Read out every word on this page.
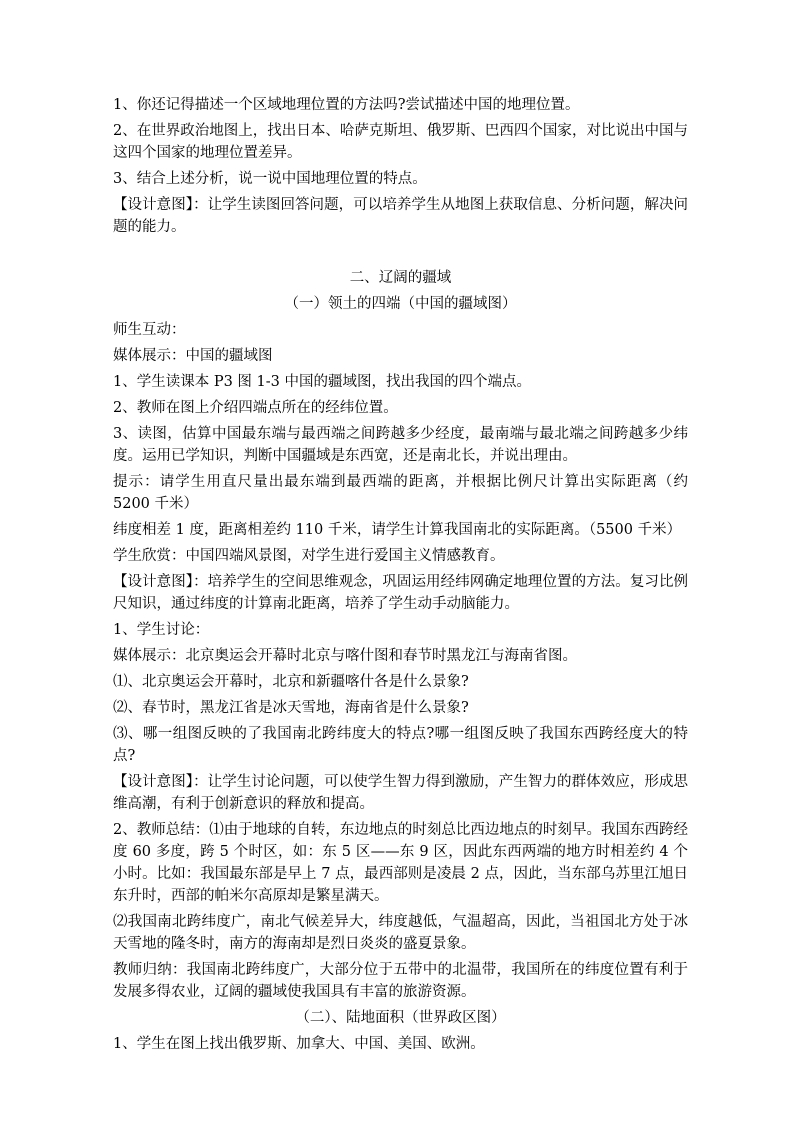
1、你还记得描述一个区域地理位置的方法吗?尝试描述中国的地理位置。

2、在世界政治地图上，找出日本、哈萨克斯坦、俄罗斯、巴西四个国家，对比说出中国与这四个国家的地理位置差异。

3、结合上述分析，说一说中国地理位置的特点。

【设计意图】：让学生读图回答问题，可以培养学生从地图上获取信息、分析问题，解决问题的能力。

二、辽阔的疆域

（一）领土的四端（中国的疆域图）

师生互动：

媒体展示：中国的疆域图

1、学生读课本 P3 图 1-3 中国的疆域图，找出我国的四个端点。

2、教师在图上介绍四端点所在的经纬位置。

3、读图，估算中国最东端与最西端之间跨越多少经度，最南端与最北端之间跨越多少纬度。运用已学知识，判断中国疆域是东西宽，还是南北长，并说出理由。

提示：请学生用直尺量出最东端到最西端的距离，并根据比例尺计算出实际距离（约 5200 千米）

纬度相差 1 度，距离相差约 110 千米，请学生计算我国南北的实际距离。（5500 千米）

学生欣赏：中国四端风景图，对学生进行爱国主义情感教育。

【设计意图】：培养学生的空间思维观念，巩固运用经纬网确定地理位置的方法。复习比例尺知识，通过纬度的计算南北距离，培养了学生动手动脑能力。

1、学生讨论：

媒体展示：北京奥运会开幕时北京与喀什图和春节时黑龙江与海南省图。

⑴、北京奥运会开幕时，北京和新疆喀什各是什么景象?

⑵、春节时，黑龙江省是冰天雪地，海南省是什么景象?

⑶、哪一组图反映的了我国南北跨纬度大的特点?哪一组图反映了我国东西跨经度大的特点?

【设计意图】：让学生讨论问题，可以使学生智力得到激励，产生智力的群体效应，形成思维高潮，有利于创新意识的释放和提高。

2、教师总结：⑴由于地球的自转，东边地点的时刻总比西边地点的时刻早。我国东西跨经度 60 多度，跨 5 个时区，如：东 5 区——东 9 区，因此东西两端的地方时相差约 4 个小时。比如：我国最东部是早上 7 点，最西部则是凌晨 2 点，因此，当东部乌苏里江旭日东升时，西部的帕米尔高原却是繁星满天。

⑵我国南北跨纬度广，南北气候差异大，纬度越低，气温超高，因此，当祖国北方处于冰天雪地的隆冬时，南方的海南却是烈日炎炎的盛夏景象。

教师归纳：我国南北跨纬度广，大部分位于五带中的北温带，我国所在的纬度位置有利于发展多得农业，辽阔的疆域使我国具有丰富的旅游资源。

（二）、陆地面积（世界政区图）

1、学生在图上找出俄罗斯、加拿大、中国、美国、欧洲。
